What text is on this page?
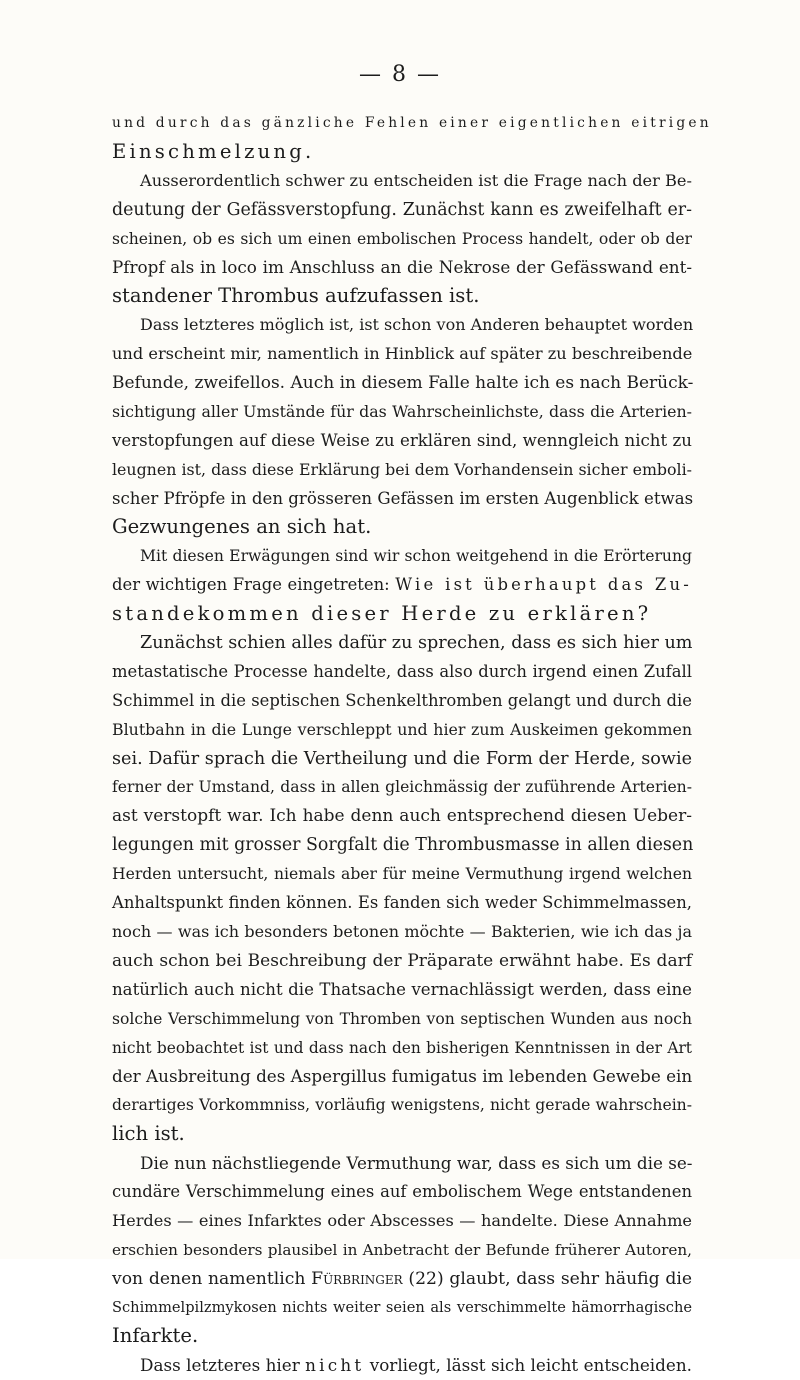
— 8 —
und durch das gänzliche Fehlen einer eigentlichen eitrigen
Einschmelzung.
Ausserordentlich schwer zu entscheiden ist die Frage nach der Be-
deutung der Gefässverstopfung. Zunächst kann es zweifelhaft er-
scheinen, ob es sich um einen embolischen Process handelt, oder ob der
Pfropf als in loco im Anschluss an die Nekrose der Gefässwand ent-
standener Thrombus aufzufassen ist.
Dass letzteres möglich ist, ist schon von Anderen behauptet worden
und erscheint mir, namentlich in Hinblick auf später zu beschreibende
Befunde, zweifellos. Auch in diesem Falle halte ich es nach Berück-
sichtigung aller Umstände für das Wahrscheinlichste, dass die Arterien-
verstopfungen auf diese Weise zu erklären sind, wenngleich nicht zu
leugnen ist, dass diese Erklärung bei dem Vorhandensein sicher emboli-
scher Pfröpfe in den grösseren Gefässen im ersten Augenblick etwas
Gezwungenes an sich hat.
Mit diesen Erwägungen sind wir schon weitgehend in die Erörterung
der wichtigen Frage eingetreten: Wie ist überhaupt das Zu-
standekommen dieser Herde zu erklären?
Zunächst schien alles dafür zu sprechen, dass es sich hier um
metastatische Processe handelte, dass also durch irgend einen Zufall
Schimmel in die septischen Schenkelthromben gelangt und durch die
Blutbahn in die Lunge verschleppt und hier zum Auskeimen gekommen
sei. Dafür sprach die Vertheilung und die Form der Herde, sowie
ferner der Umstand, dass in allen gleichmässig der zuführende Arterien-
ast verstopft war. Ich habe denn auch entsprechend diesen Ueber-
legungen mit grosser Sorgfalt die Thrombusmasse in allen diesen
Herden untersucht, niemals aber für meine Vermuthung irgend welchen
Anhaltspunkt finden können. Es fanden sich weder Schimmelmassen,
noch — was ich besonders betonen möchte — Bakterien, wie ich das ja
auch schon bei Beschreibung der Präparate erwähnt habe. Es darf
natürlich auch nicht die Thatsache vernachlässigt werden, dass eine
solche Verschimmelung von Thromben von septischen Wunden aus noch
nicht beobachtet ist und dass nach den bisherigen Kenntnissen in der Art
der Ausbreitung des Aspergillus fumigatus im lebenden Gewebe ein
derartiges Vorkommniss, vorläufig wenigstens, nicht gerade wahrschein-
lich ist.
Die nun nächstliegende Vermuthung war, dass es sich um die se-
cundäre Verschimmelung eines auf embolischem Wege entstandenen
Herdes — eines Infarktes oder Abscesses — handelte. Diese Annahme
erschien besonders plausibel in Anbetracht der Befunde früherer Autoren,
von denen namentlich Fürbringer (22) glaubt, dass sehr häufig die
Schimmelpilzmykosen nichts weiter seien als verschimmelte hämorrhagische
Infarkte.
Dass letzteres hier nicht vorliegt, lässt sich leicht entscheiden.
